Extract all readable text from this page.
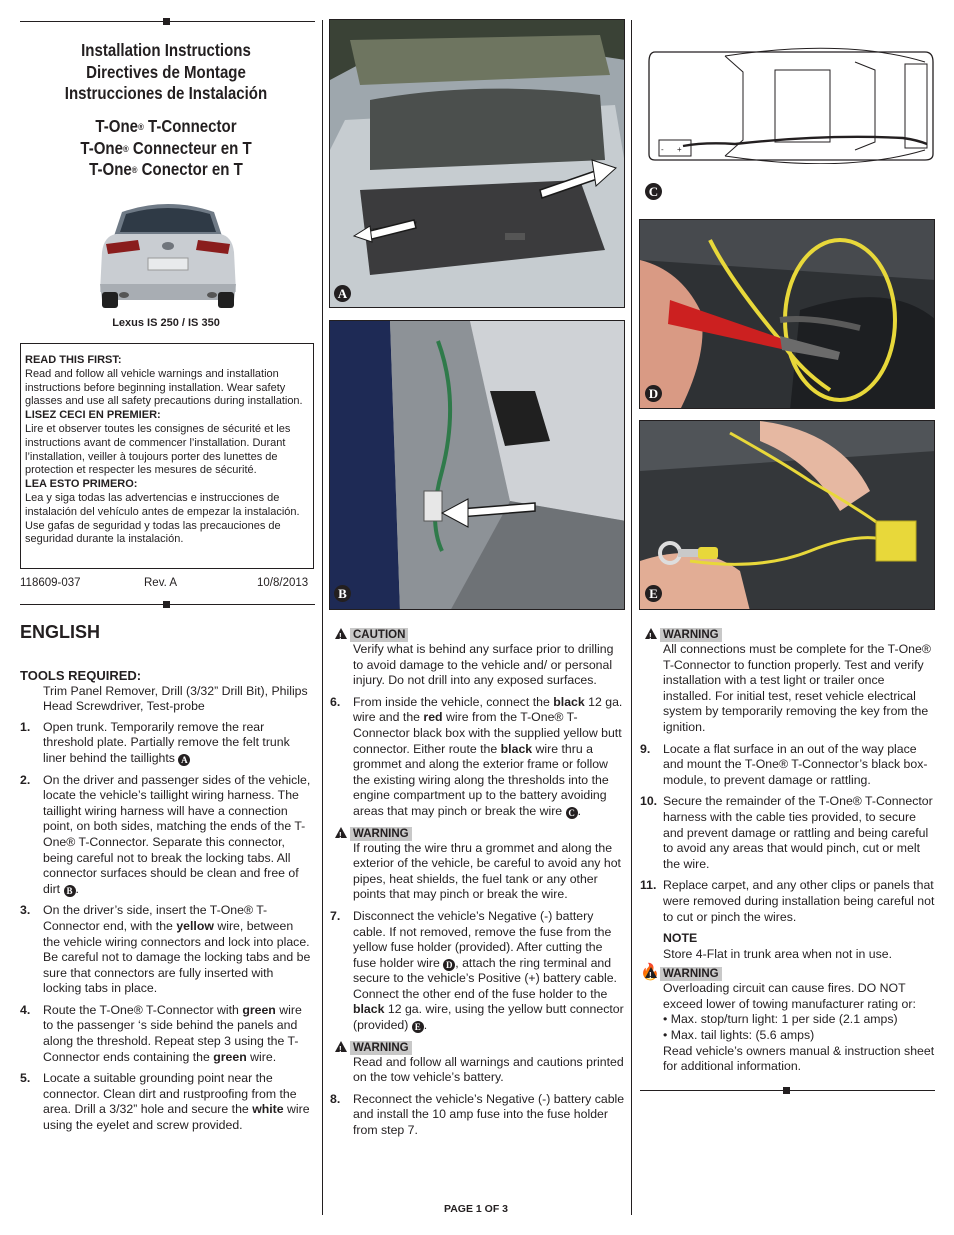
Installation Instructions
Directives de Montage
Instrucciones de Instalación
T-One® T-Connector
T-One® Connecteur en T
T-One® Conector en T
Lexus IS 250 / IS 350
READ THIS FIRST:
Read and follow all vehicle warnings and installation instructions before beginning installation. Wear safety glasses and use all safety precautions during installation.
LISEZ CECI EN PREMIER:
Lire et observer toutes les consignes de sécurité et les instructions avant de commencer l’installation. Durant l’installation, veiller à toujours porter des lunettes de protection et respecter les mesures de sécurité.
LEA ESTO PRIMERO:
Lea y siga todas las advertencias e instrucciones de instalación del vehículo antes de empezar la instalación. Use gafas de seguridad y todas las precauciones de seguridad durante la instalación.
118609-037	Rev. A	10/8/2013
A
B
- +
C
D
E
ENGLISH

TOOLS REQUIRED:

Trim Panel Remover, Drill (3/32” Drill Bit), Philips Head Screwdriver, Test-probe

1. Open trunk. Temporarily remove the rear threshold plate. Partially remove the felt trunk liner behind the taillights A
2. On the driver and passenger sides of the vehicle, locate the vehicle’s taillight wiring harness. The taillight wiring harness will have a connection point, on both sides, matching the ends of the T-One® T-Connector. Separate this connector, being careful not to break the locking tabs. All connector surfaces should be clean and free of dirt B .
3. On the driver’s side, insert the T-One® T-Connector end, with the yellow wire, between the vehicle wiring connectors and lock into place. Be careful not to damage the locking tabs and be sure that connectors are fully inserted with locking tabs in place.
4. Route the T-One® T-Connector with green wire to the passenger ‘s side behind the panels and along the threshold. Repeat step 3 using the T-Connector ends containing the green wire.
5. Locate a suitable grounding point near the connector. Clean dirt and rustproofing from the area. Drill a 3/32” hole and secure the white wire using the eyelet and screw provided.
!CAUTION

Verify what is behind any surface prior to drilling to avoid damage to the vehicle and/ or personal injury. Do not drill into any exposed surfaces.

6. From inside the vehicle, connect the black 12 ga. wire and the red wire from the T-One® T-Connector black box with the supplied yellow butt connector. Either route the black wire thru a grommet and along the exterior frame or follow the existing wiring along the thresholds into the engine compartment up to the battery avoiding areas that may pinch or break the wire C .
!WARNING

If routing the wire thru a grommet and along the exterior of the vehicle, be careful to avoid any hot pipes, heat shields, the fuel tank or any other points that may pinch or break the wire.

7. Disconnect the vehicle’s Negative (-) battery cable. If not removed, remove the fuse from the yellow fuse holder (provided). After cutting the fuse holder wire D , attach the ring terminal and secure to the vehicle’s Positive (+) battery cable. Connect the other end of the fuse holder to the black 12 ga. wire, using the yellow butt connector (provided) E .
!WARNING

Read and follow all warnings and cautions printed on the tow vehicle’s battery.

8. Reconnect the vehicle’s Negative (-) battery cable and install the 10 amp fuse into the fuse holder from step 7.
!WARNING

All connections must be complete for the T-One® T-Connector to function properly. Test and verify installation with a test light or trailer once installed. For initial test, reset vehicle electrical system by temporarily removing the key from the ignition.

9. Locate a flat surface in an out of the way place and mount the T-One® T-Connector’s black box-module, to prevent damage or rattling.
10. Secure the remainder of the T-One® T-Connector harness with the cable ties provided, to secure and prevent damage or rattling and being careful to avoid any areas that would pinch, cut or melt the wire.
11. Replace carpet, and any other clips or panels that were removed during installation being careful not to cut or pinch the wires.

NOTE

Store 4-Flat in trunk area when not in use.

🔥
! WARNING

Overloading circuit can cause fires. DO NOT exceed lower of towing manufacturer rating or:

• Max. stop/turn light: 1 per side (2.1 amps)

• Max. tail lights: (5.6 amps)

Read vehicle’s owners manual & instruction sheet for additional information.

PAGE 1 OF 3
